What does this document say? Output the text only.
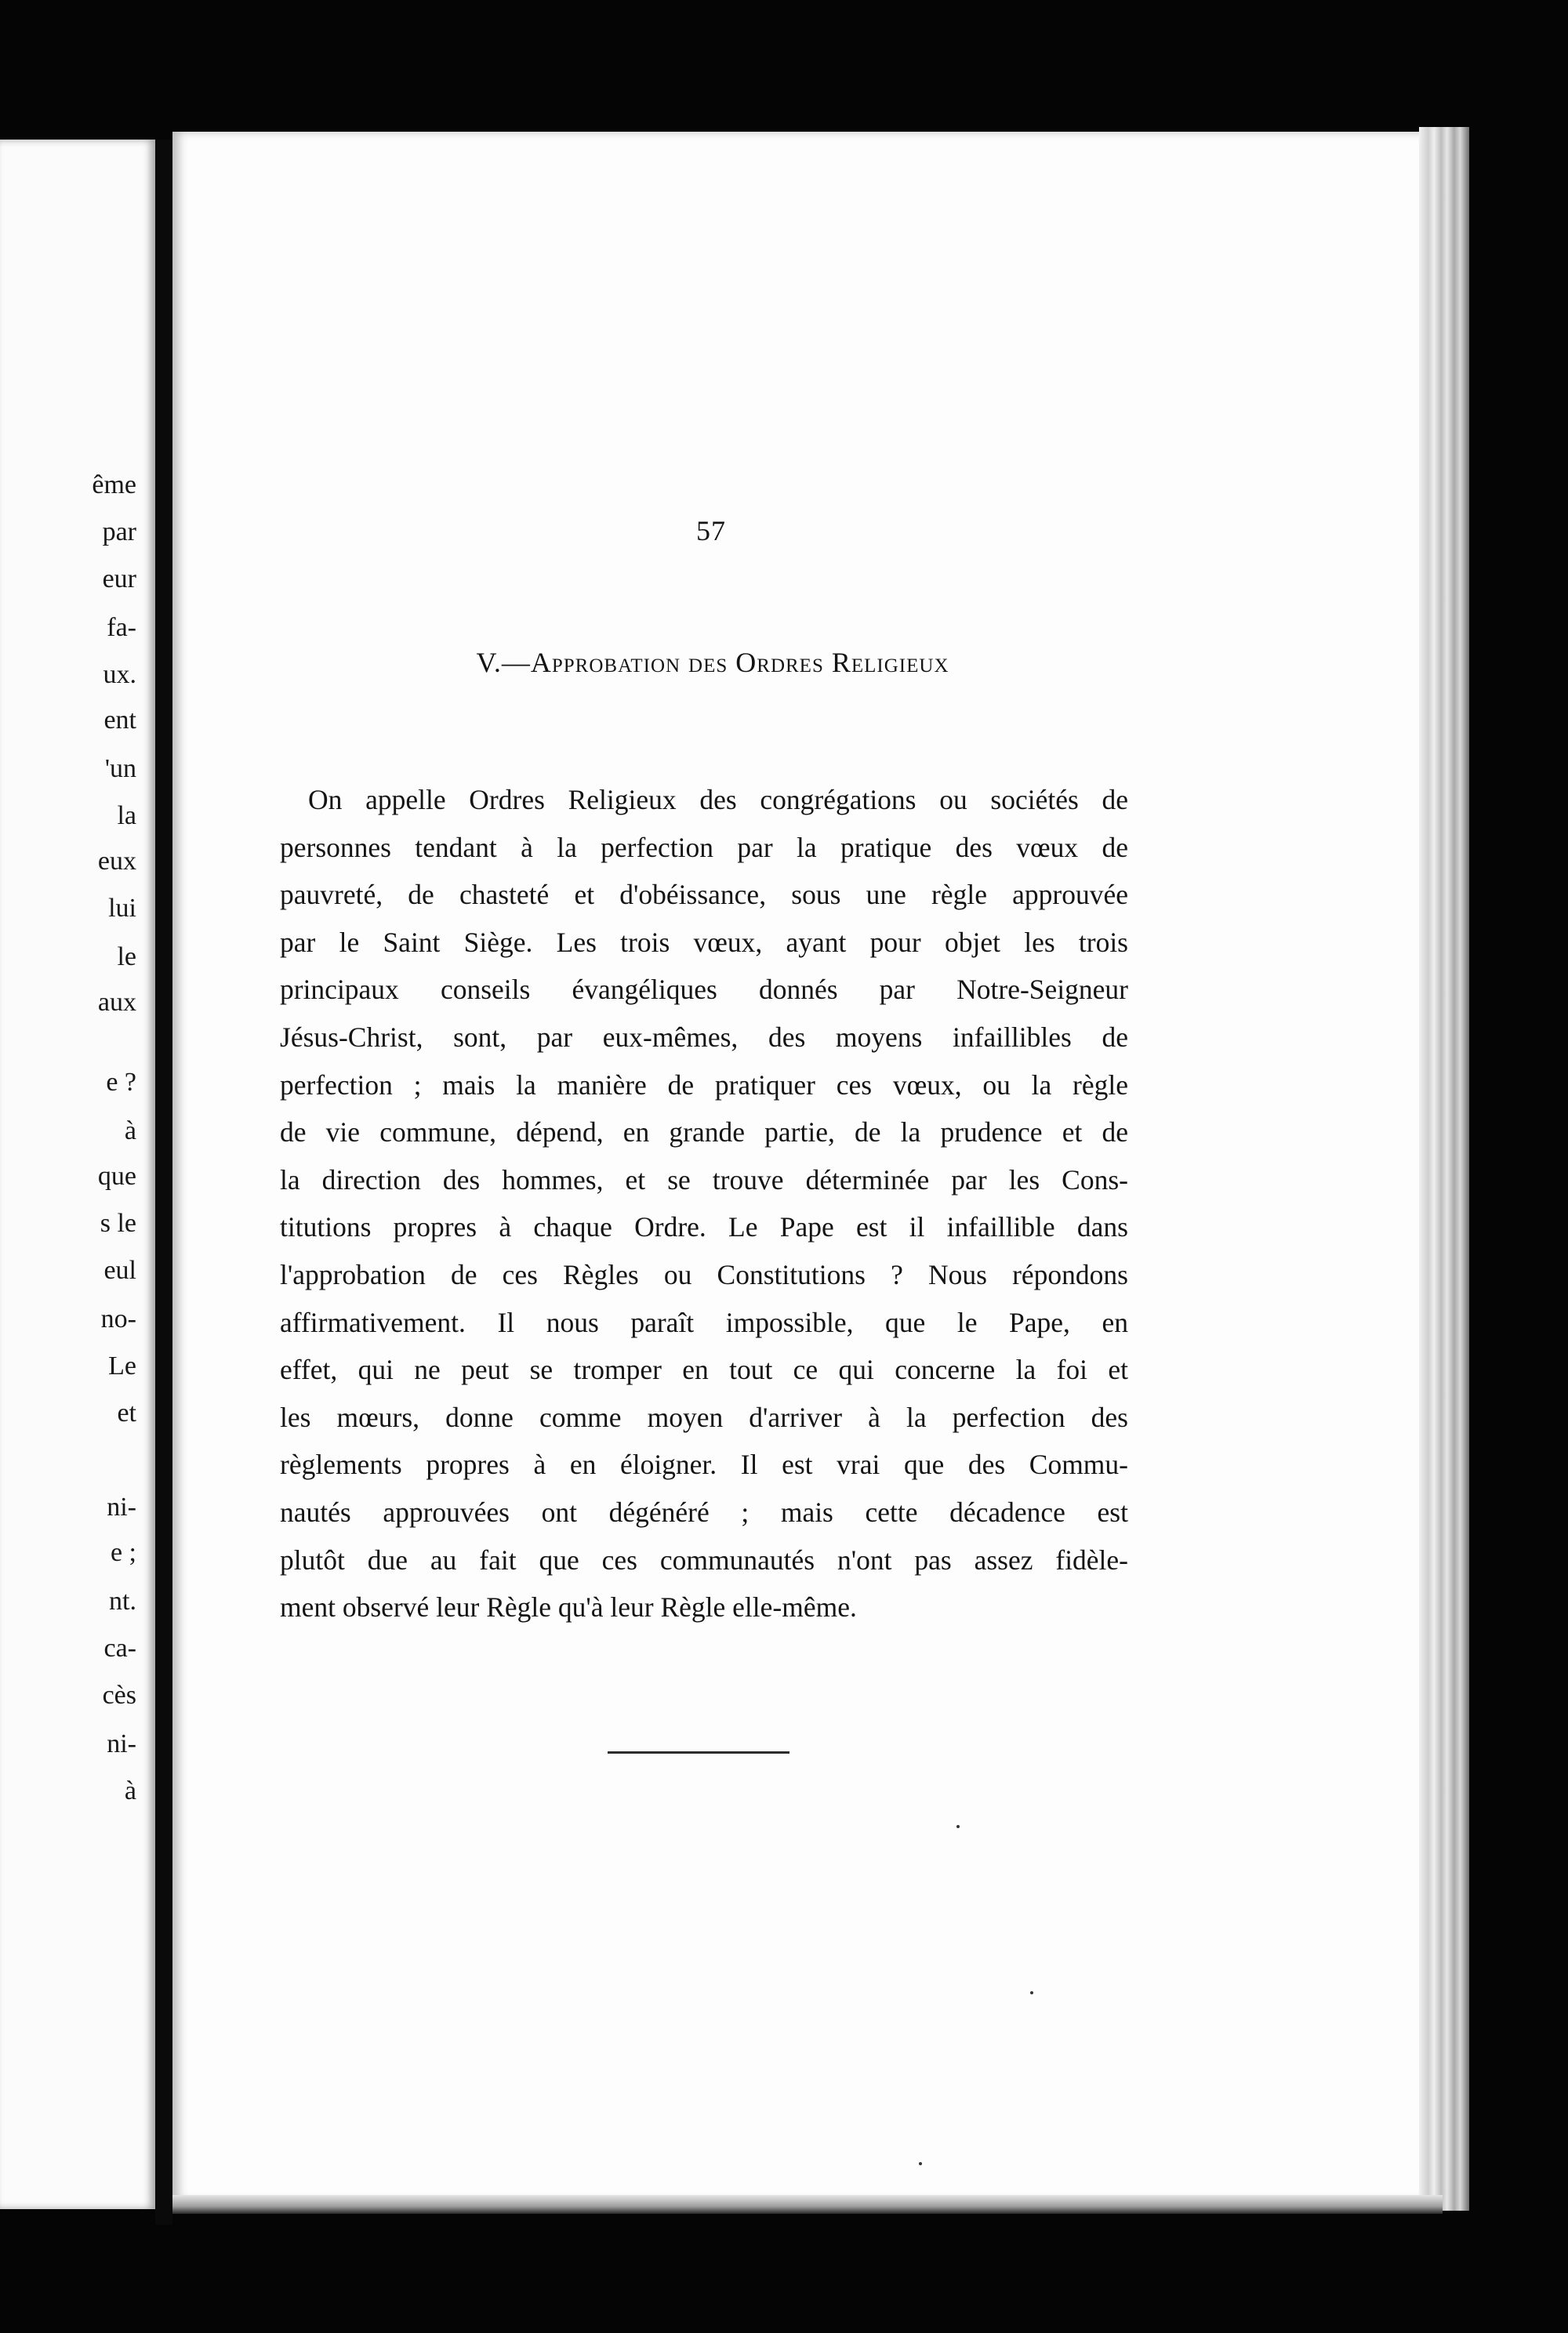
ême
par
eur
fa-
ux.
ent
'un
la
eux
lui
le
aux
e ?
à
que
s le
eul
no-
Le
et
ni-
e ;
nt.
ca-
cès
ni-
à
57
V.—Approbation des Ordres Religieux
On appelle Ordres Religieux des congrégations ou sociétés de
personnes tendant à la perfection par la pratique des vœux de
pauvreté, de chasteté et d'obéissance, sous une règle approuvée
par le Saint Siège. Les trois vœux, ayant pour objet les trois
principaux conseils évangéliques donnés par Notre-Seigneur
Jésus-Christ, sont, par eux-mêmes, des moyens infaillibles de
perfection ; mais la manière de pratiquer ces vœux, ou la règle
de vie commune, dépend, en grande partie, de la prudence et de
la direction des hommes, et se trouve déterminée par les Cons-
titutions propres à chaque Ordre. Le Pape est il infaillible dans
l'approbation de ces Règles ou Constitutions ? Nous répondons
affirmativement. Il nous paraît impossible, que le Pape, en
effet, qui ne peut se tromper en tout ce qui concerne la foi et
les mœurs, donne comme moyen d'arriver à la perfection des
règlements propres à en éloigner. Il est vrai que des Commu-
nautés approuvées ont dégénéré ; mais cette décadence est
plutôt due au fait que ces communautés n'ont pas assez fidèle-
ment observé leur Règle qu'à leur Règle elle-même.
